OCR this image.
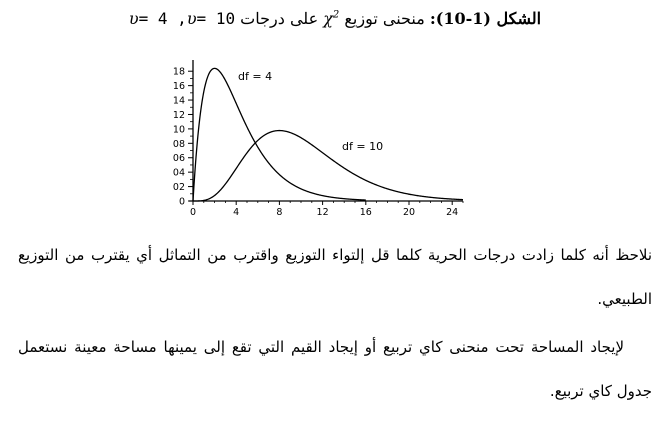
υ = 4 , υ = 10
على درجات
$\chi^2$
منحنى توزيع
الشكل (1-10):
0	4	8	12	16	20	24
0
02
04
06
08
10
12
14
16
18	df = 4
df = 10
نلاحظ أنه كلما زادت درجات الحرية كلما قل إلتواء التوزيع واقترب من التماثل أي يقترب من التوزيع الطبيعي.
لإيجاد المساحة تحت منحنى كاي تربيع أو إيجاد القيم التي تقع إلى يمينها مساحة معينة نستعمل جدول كاي تربيع.
